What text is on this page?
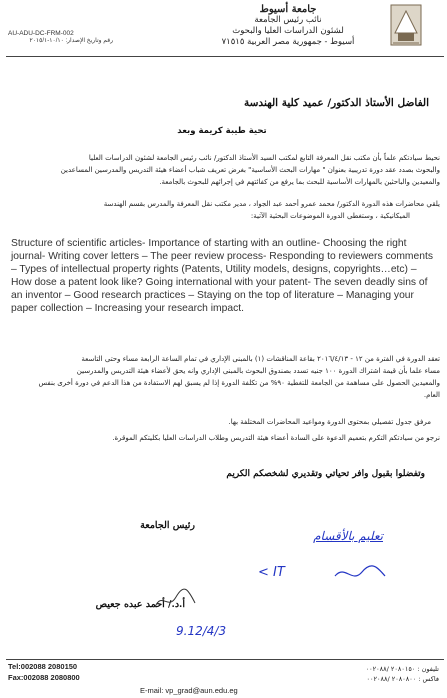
جامعة أسيوط
نائب رئيس الجامعة
لشئون الدراسات العليا والبحوث
أسيوط - جمهورية مصر العربية ٧١٥١٥
AU-ADU-DC-FRM-002
رقم وتاريخ الإصدار: ١٠/١٠-٢٠١٥/١
الفاضل الأستاذ الدكتور/ عميد كلية الهندسة
تحية طيبة كريمة وبعد
نحيط سيادتكم علماً بأن مكتب نقل المعرفة التابع لمكتب السيد الأستاذ الدكتور/ نائب رئيس الجامعة لشئون الدراسات العليا
والبحوث بصدد عقد دورة تدريبية بعنوان " مهارات البحث الأساسية" بغرض تعريف شباب أعضاء هيئة التدريس والمدرسين المساعدين
والمعيدين والباحثين بالمهارات الأساسية للبحث بما يرفع من كفائتهم في إجرائهم للبحوث بالجامعة.
يلقي محاضرات هذه الدورة الدكتور/ محمد عمرو أحمد عبد الجواد ، مدير مكتب نقل المعرفة والمدرس بقسم الهندسة
الميكانيكية ، وستغطى الدورة الموضوعات البحثية الآتية:
Structure of scientific articles- Importance of starting with an outline- Choosing the right journal- Writing cover letters – The peer review process- Responding to reviewers comments – Types of intellectual property rights (Patents, Utility models, designs, copyrights…etc) – How dose a patent look like? Going international with your patent- The seven deadly sins of an inventor – Good research practices – Staying on the top of literature – Managing your paper collection – Increasing your research impact.
تعقد الدورة في الفترة من ١٢ - ٢٠١٦/٤/١٣ بقاعة المناقشات (١) بالمبنى الإداري في تمام الساعة الرابعة مساء وحتى التاسعة
مساء علما بأن قيمة اشتراك الدورة ١٠٠ جنيه تسدد بصندوق البحوث بالمبنى الإداري وانه يحق لأعضاء هيئة التدريس والمدرسين
والمعيدين الحصول على مساهمة من الجامعة للتغطية ٩٠% من تكلفة الدورة إذا لم يسبق لهم الاستفادة من هذا الدعم في دورة أخرى بنفس
العام.
مرفق جدول تفصيلي بمحتوى الدورة ومواعيد المحاضرات المختلفة بها.
نرجو من سيادتكم التكرم بتعميم الدعوة على السادة أعضاء هيئة التدريس وطلاب الدراسات العليا بكليتكم الموقرة.
وتفضلوا بقبول وافر تحياتي وتقديري لشخصكم الكريم
رئيس الجامعة
أ.د./ أحمد عبده جعيص
تعليم بالأقسام
< IT
9.12/4/3
Tel:002088 2080150
Fax:002088 2080800
E-mail: vp_grad@aun.edu.eg
تليفون : ٢٠٨٠١٥٠ /٠٠٢٠٨٨
فاكس : ٢٠٨٠٨٠٠ /٠٠٢٠٨٨
